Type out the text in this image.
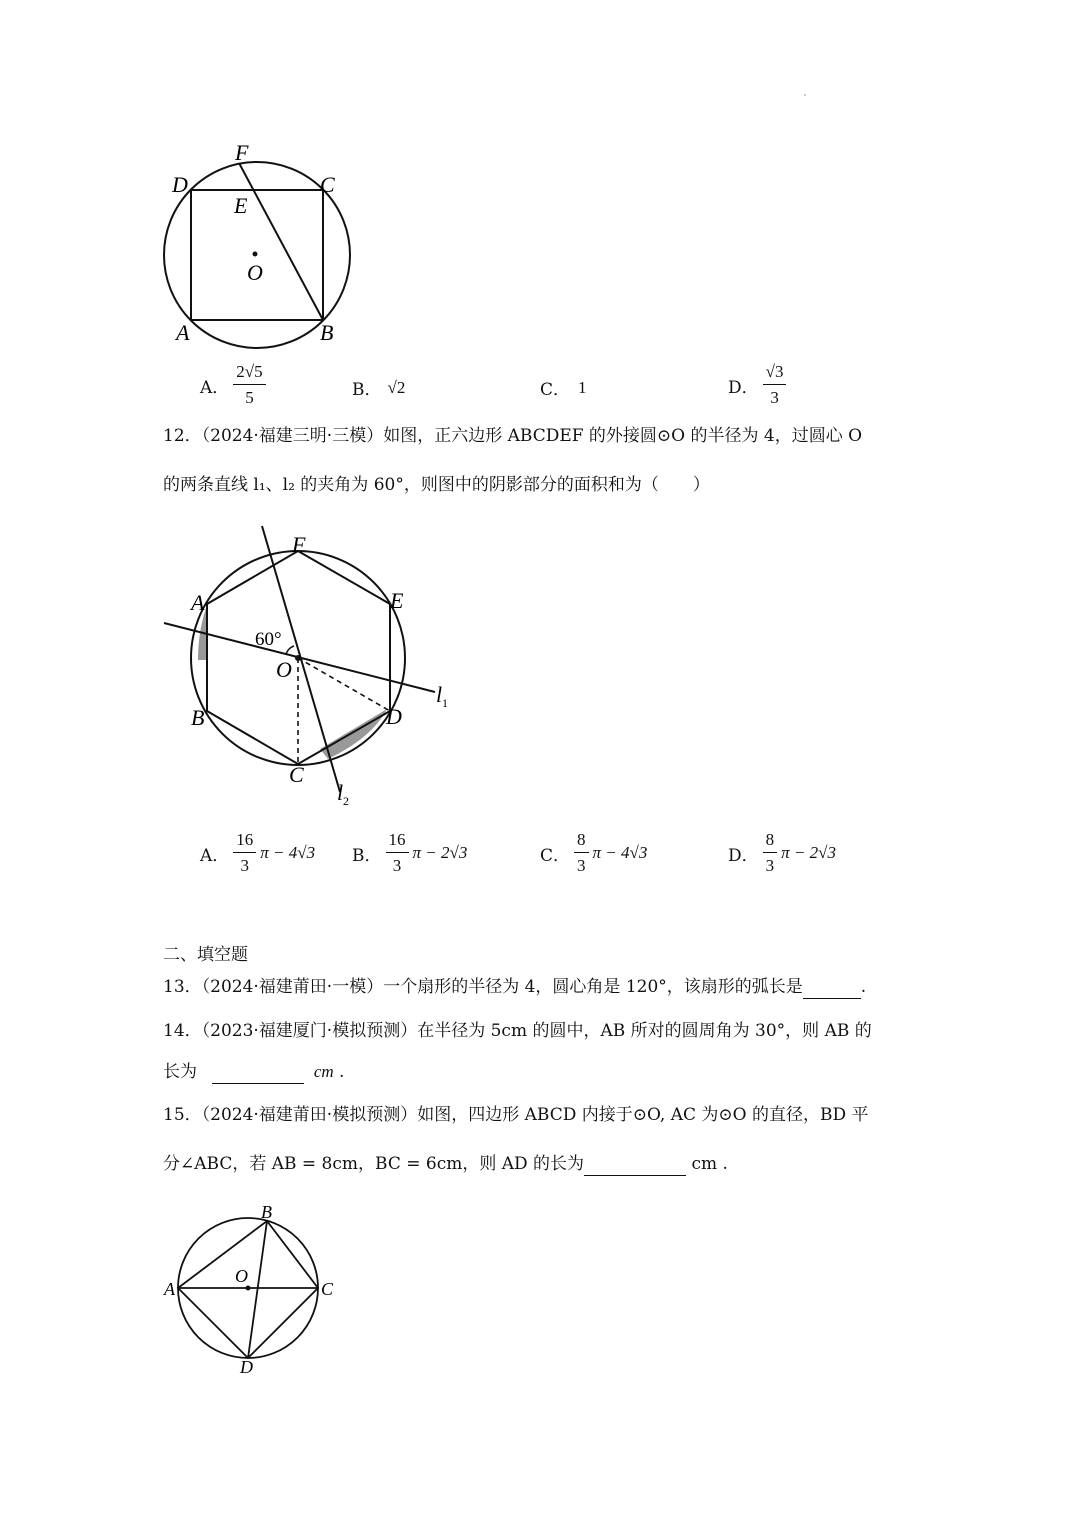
F
D	C
E
O
A	B
A． $\frac{2√5}{5}$	B． √2	C． 1	D． $\frac{√3}{3}$
12．（2024·福建三明·三模）如图，正六边形 ABCDEF 的外接圆⊙O 的半径为 4，过圆心 O
的两条直线 l₁、l₂ 的夹角为 60°，则图中的阴影部分的面积和为（　　）
F
A	E
60°
O
l 1
B	D
C
l 2
A． $\frac{16}{3}$ π − 4√3 B． $\frac{16}{3}$ π − 2√3	C． $\frac{8}{3}$ π − 4√3	D． $\frac{8}{3}$ π − 2√3
二、填空题
13．（2024·福建莆田·一模）一个扇形的半径为 4，圆心角是 120°，该扇形的弧长是	.
14．（2023·福建厦门·模拟预测）在半径为 5cm 的圆中，AB 所对的圆周角为 30°，则 AB 的
长为	cm .
15．（2024·福建莆田·模拟预测）如图，四边形 ABCD 内接于⊙O, AC 为⊙O 的直径，BD 平
分∠ABC，若 AB = 8cm，BC = 6cm，则 AD 的长为	cm .
B
O
A	C
D
